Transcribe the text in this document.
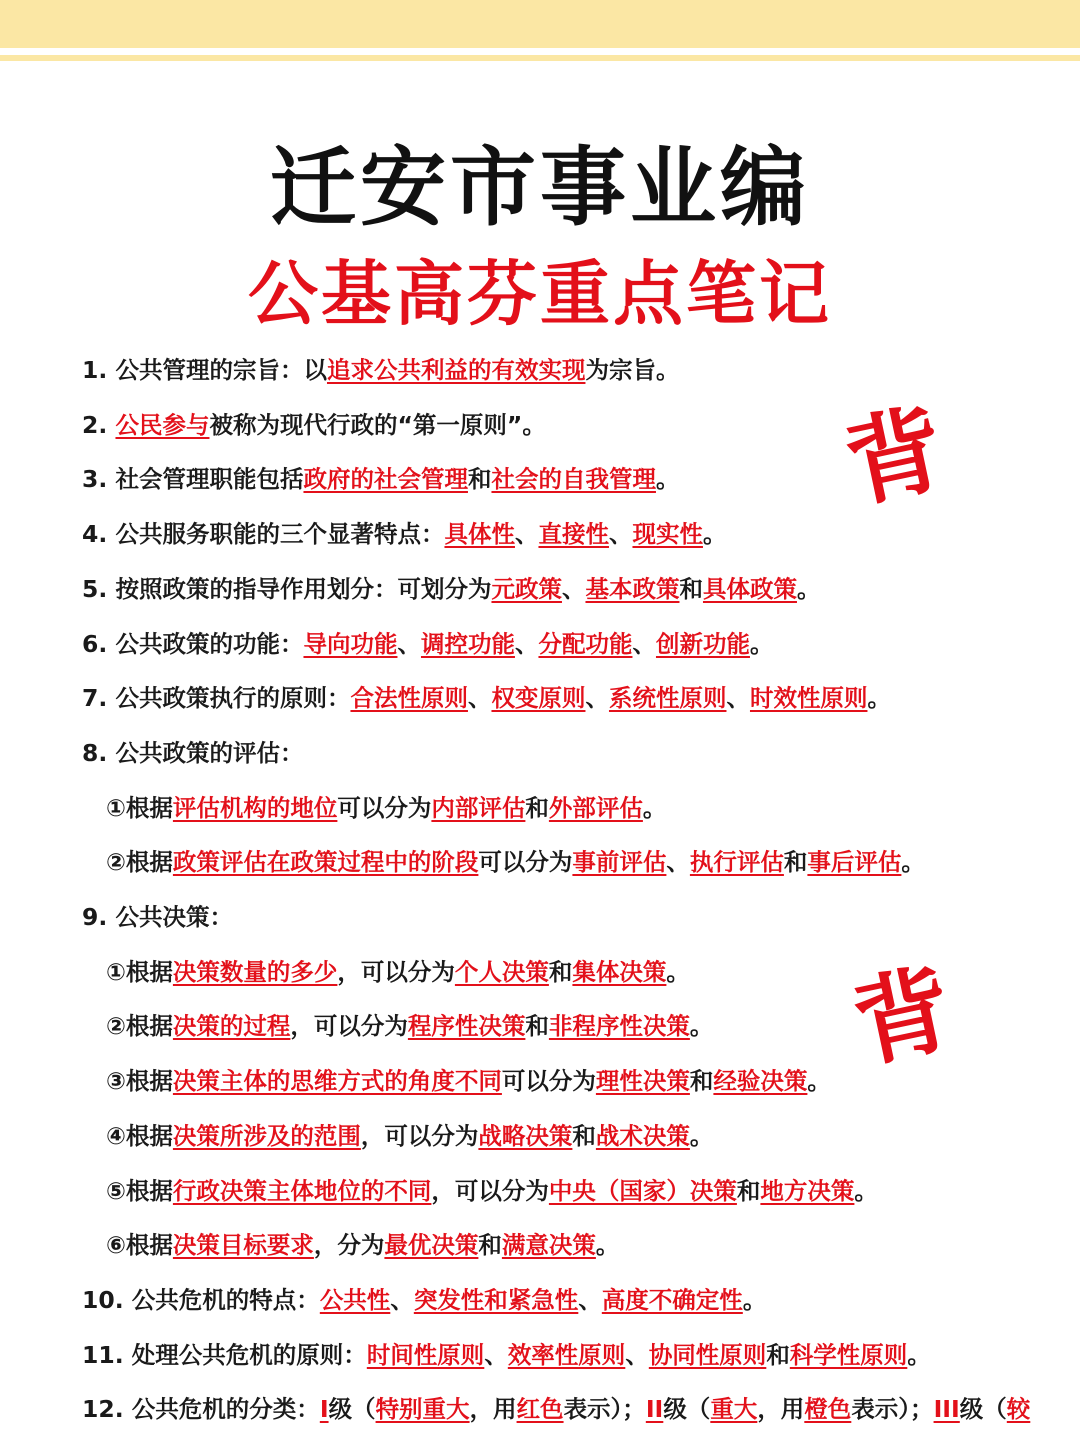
迁安市事业编
公基高芬重点笔记
背
背
1. 公共管理的宗旨：以追求公共利益的有效实现为宗旨。
2. 公民参与被称为现代行政的“第一原则”。
3. 社会管理职能包括政府的社会管理和社会的自我管理。
4. 公共服务职能的三个显著特点：具体性、直接性、现实性。
5. 按照政策的指导作用划分：可划分为元政策、基本政策和具体政策。
6. 公共政策的功能：导向功能、调控功能、分配功能、创新功能。
7. 公共政策执行的原则：合法性原则、权变原则、系统性原则、时效性原则。
8. 公共政策的评估：
①根据评估机构的地位可以分为内部评估和外部评估。
②根据政策评估在政策过程中的阶段可以分为事前评估、执行评估和事后评估。
9. 公共决策：
①根据决策数量的多少，可以分为个人决策和集体决策。
②根据决策的过程，可以分为程序性决策和非程序性决策。
③根据决策主体的思维方式的角度不同可以分为理性决策和经验决策。
④根据决策所涉及的范围，可以分为战略决策和战术决策。
⑤根据行政决策主体地位的不同，可以分为中央（国家）决策和地方决策。
⑥根据决策目标要求，分为最优决策和满意决策。
10. 公共危机的特点：公共性、突发性和紧急性、高度不确定性。
11. 处理公共危机的原则：时间性原则、效率性原则、协同性原则和科学性原则。
12. 公共危机的分类：I级（特别重大，用红色表示）；II级（重大，用橙色表示）；III级（较
